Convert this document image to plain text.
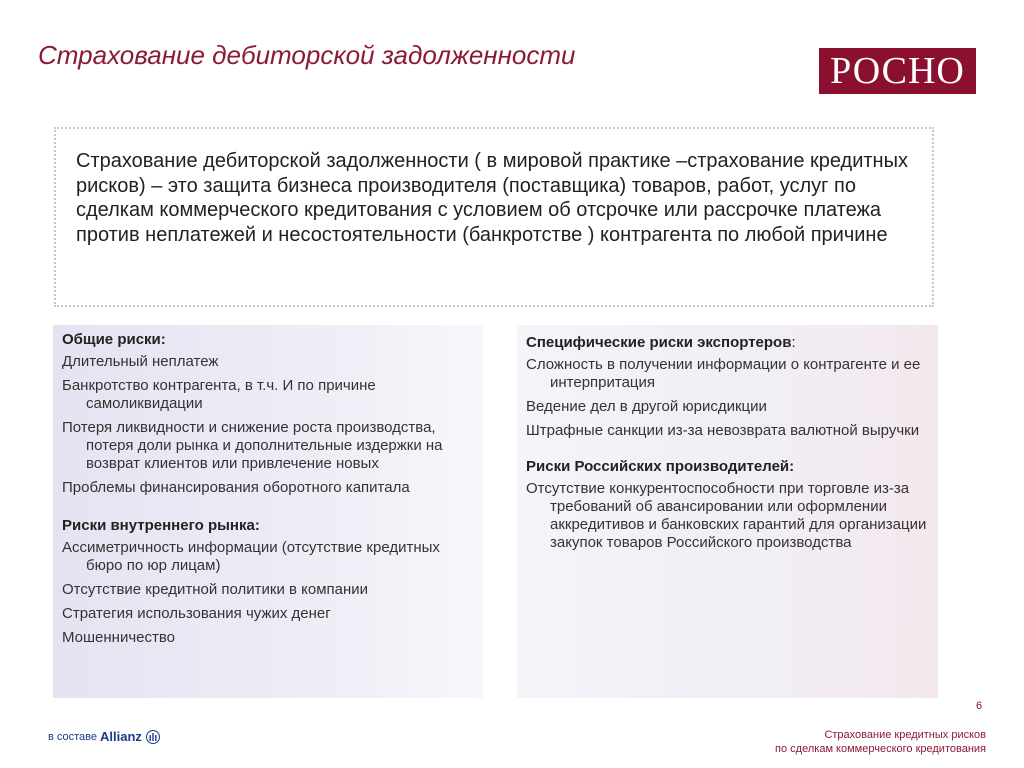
Страхование дебиторской задолженности	РОСНО
Страхование дебиторской задолженности ( в мировой практике –страхование кредитных рисков) – это защита бизнеса производителя (поставщика) товаров, работ, услуг по сделкам коммерческого кредитования с условием об отсрочке или рассрочке платежа против неплатежей и несостоятельности (банкротстве ) контрагента по любой причине
Общие риски:
Длительный неплатеж
Банкротство контрагента, в т.ч. И по причине самоликвидации
Потеря ликвидности и снижение роста производства, потеря доли рынка и дополнительные издержки на возврат клиентов или привлечение новых
Проблемы финансирования оборотного капитала
Риски внутреннего рынка:
Ассиметричность информации (отсутствие кредитных бюро по юр лицам)
Отсутствие кредитной политики в компании
Стратегия использования чужих денег
Мошенничество
Специфические риски экспортеров:
Сложность в получении информации о контрагенте и ее интерпритация
Ведение дел в другой юрисдикции
Штрафные санкции из-за невозврата валютной выручки
Риски Российских производителей:
Отсутствие конкурентоспособности при торговле из-за требований об авансировании или оформлении аккредитивов и банковских гарантий для организации закупок товаров Российского производства
6
в составе Allianz	Страхование кредитных рисков
по сделкам коммерческого кредитования
